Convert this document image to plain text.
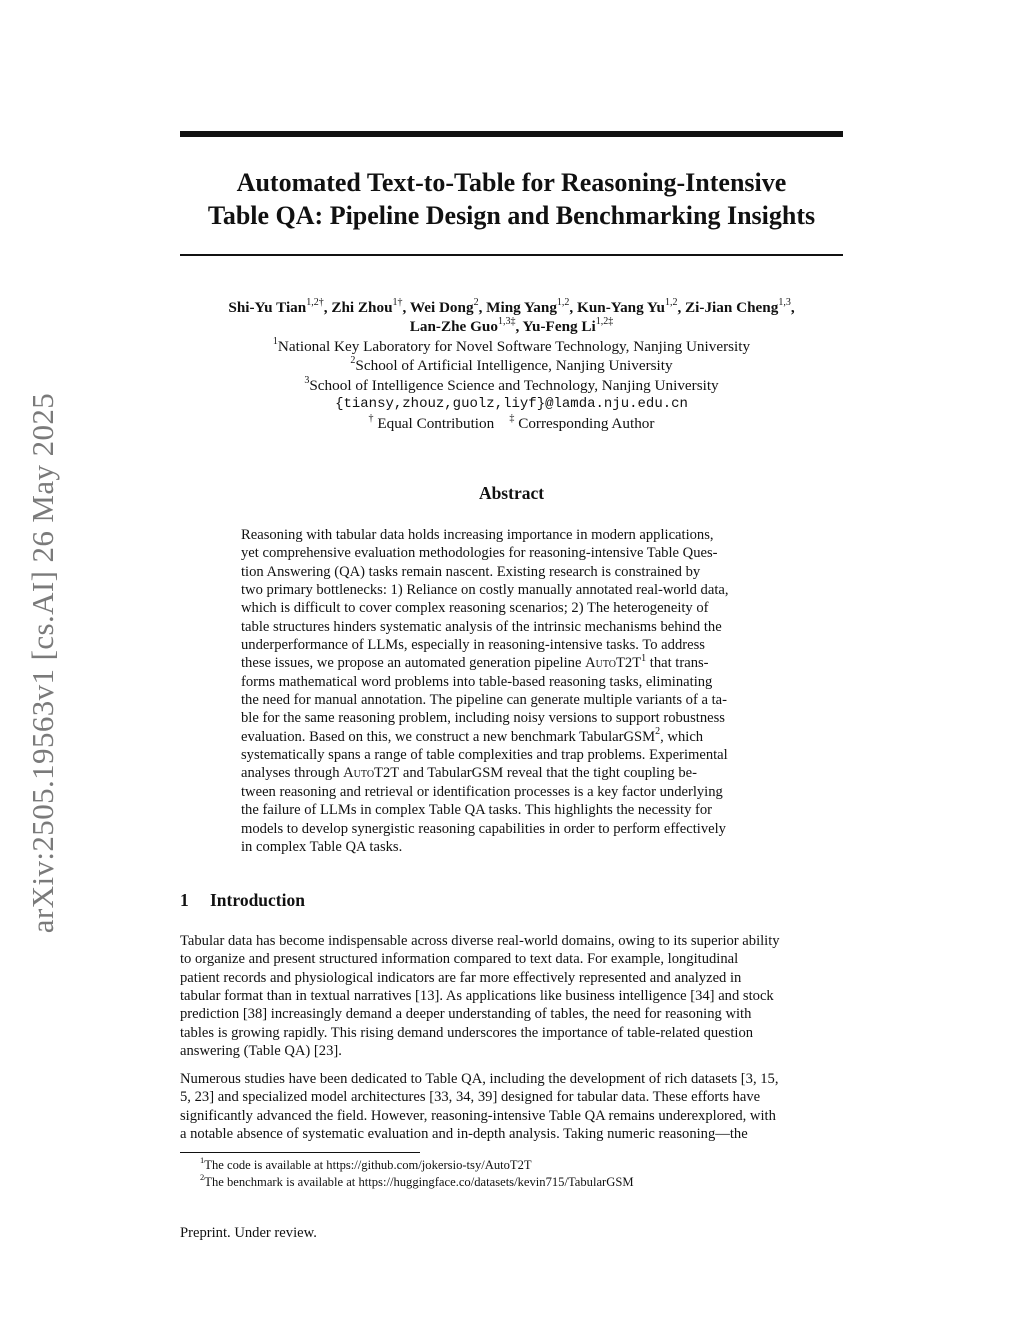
arXiv:2505.19563v1 [cs.AI] 26 May 2025
Automated Text-to-Table for Reasoning-Intensive
Table QA: Pipeline Design and Benchmarking Insights
Shi-Yu Tian$^{1,2\dagger}$, Zhi Zhou$^{1\dagger}$, Wei Dong$^2$, Ming Yang$^{1,2}$, Kun-Yang Yu$^{1,2}$, Zi-Jian Cheng$^{1,3}$,
Lan-Zhe Guo$^{1,3\ddagger}$, Yu-Feng $Li^{1,2\ddagger}$
$^1$National Key Laboratory for Novel Software Technology, Nanjing University
$^2$School of Artificial Intelligence, Nanjing University
$^3$School of Intelligence Science and Technology, Nanjing University
{tiansy,zhouz,guolz,liyf}@lamda.nju.edu.cn
† Equal Contribution ‡ Corresponding Author
Abstract
Reasoning with tabular data holds increasing importance in modern applications,
yet comprehensive evaluation methodologies for reasoning-intensive Table Ques-
tion Answering (QA) tasks remain nascent. Existing research is constrained by
two primary bottlenecks: 1) Reliance on costly manually annotated real-world data,
which is difficult to cover complex reasoning scenarios; 2) The heterogeneity of
table structures hinders systematic analysis of the intrinsic mechanisms behind the
underperformance of LLMs, especially in reasoning-intensive tasks. To address
these issues, we propose an automated generation pipeline $AutoT2T^1$ that trans-
forms mathematical word problems into table-based reasoning tasks, eliminating
the need for manual annotation. The pipeline can generate multiple variants of a ta-
ble for the same reasoning problem, including noisy versions to support robustness
evaluation. Based on this, we construct a new benchmark TabularGSM$^2$, which
systematically spans a range of table complexities and trap problems. Experimental
analyses through AutoT2T and TabularGSM reveal that the tight coupling be-
tween reasoning and retrieval or identification processes is a key factor underlying
the failure of LLMs in complex Table QA tasks. This highlights the necessity for
models to develop synergistic reasoning capabilities in order to perform effectively
in complex Table QA tasks.
1 Introduction
Tabular data has become indispensable across diverse real-world domains, owing to its superior ability
to organize and present structured information compared to text data. For example, longitudinal
patient records and physiological indicators are far more effectively represented and analyzed in
tabular format than in textual narratives [13]. As applications like business intelligence [34] and stock
prediction [38] increasingly demand a deeper understanding of tables, the need for reasoning with
tables is growing rapidly. This rising demand underscores the importance of table-related question
answering (Table QA) [23].
Numerous studies have been dedicated to Table QA, including the development of rich datasets [3, 15,
5, 23] and specialized model architectures [33, 34, 39] designed for tabular data. These efforts have
significantly advanced the field. However, reasoning-intensive Table QA remains underexplored, with
a notable absence of systematic evaluation and in-depth analysis. Taking numeric reasoning—the
$^1$The code is available at https://github.com/jokersio-tsy/AutoT2T
$^2$The benchmark is available at https://huggingface.co/datasets/kevin715/TabularGSM
Preprint. Under review.
